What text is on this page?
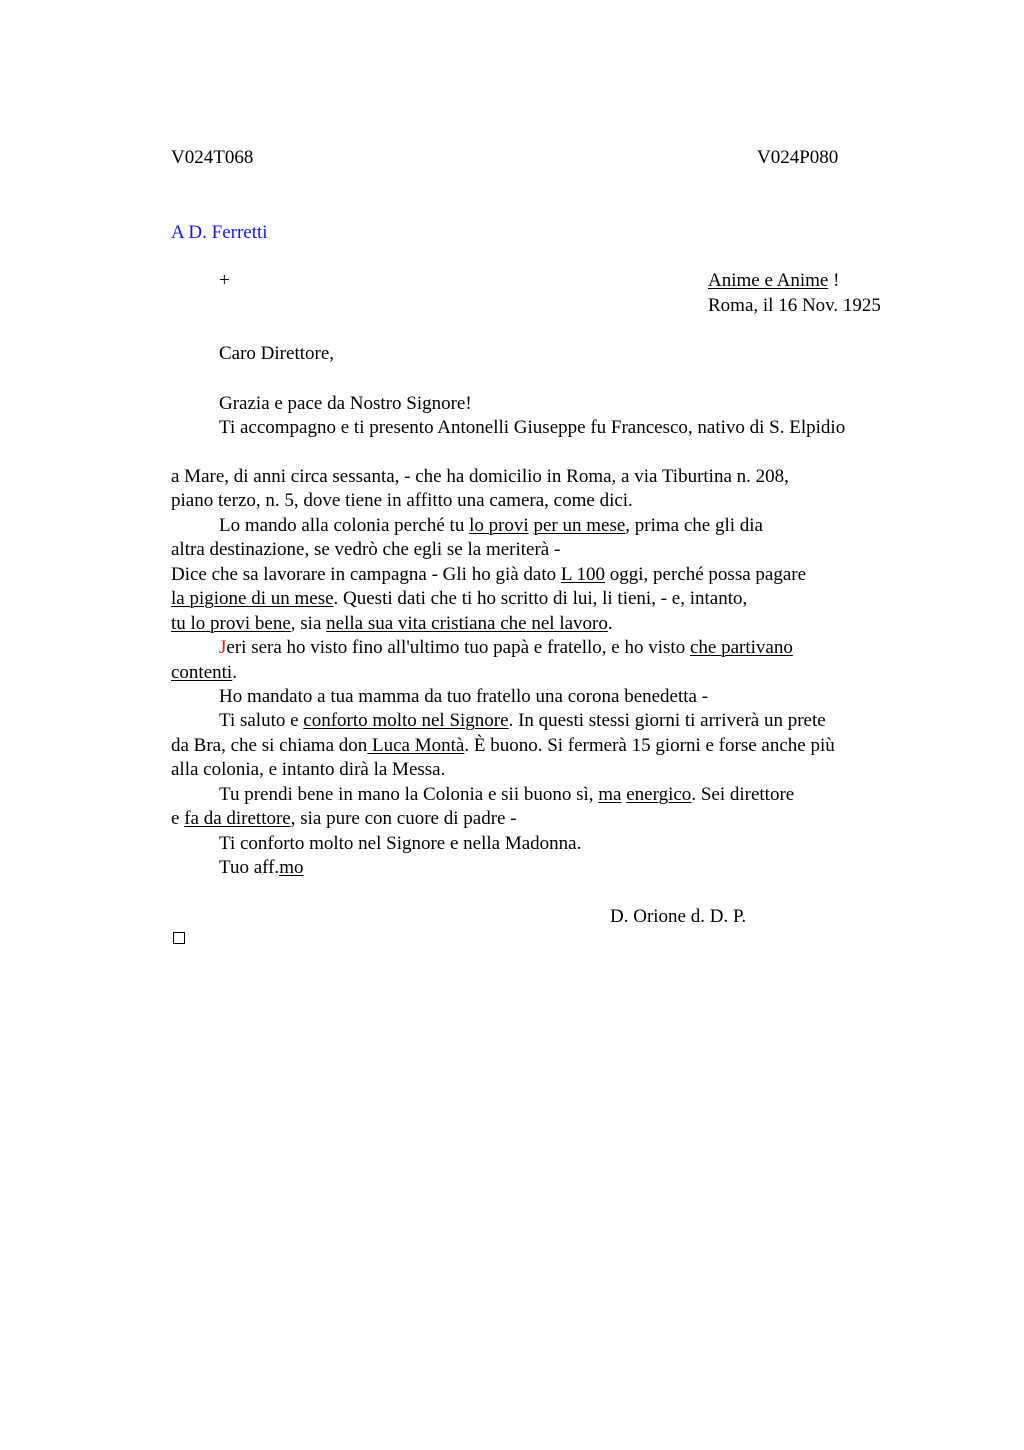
V024T068	V024P080
A D. Ferretti
+	Anime e Anime !
Roma, il 16 Nov. 1925
Caro Direttore,
Grazia e pace da Nostro Signore!
Ti accompagno e ti presento Antonelli Giuseppe fu Francesco, nativo di S. Elpidio
a Mare, di anni circa sessanta, - che ha domicilio in Roma, a via Tiburtina n. 208,
piano terzo, n. 5, dove tiene in affitto una camera, come dici.
Lo mando alla colonia perché tu lo provi per un mese, prima che gli dia
altra destinazione, se vedrò che egli se la meriterà -
Dice che sa lavorare in campagna - Gli ho già dato L 100 oggi, perché possa pagare
la pigione di un mese. Questi dati che ti ho scritto di lui, li tieni, - e, intanto,
tu lo provi bene, sia nella sua vita cristiana che nel lavoro.
Jeri sera ho visto fino all'ultimo tuo papà e fratello, e ho visto che partivano
contenti.
Ho mandato a tua mamma da tuo fratello una corona benedetta -
Ti saluto e conforto molto nel Signore. In questi stessi giorni ti arriverà un prete
da Bra, che si chiama don Luca Montà. È buono. Si fermerà 15 giorni e forse anche più
alla colonia, e intanto dirà la Messa.
Tu prendi bene in mano la Colonia e sii buono sì, ma energico. Sei direttore
e fa da direttore, sia pure con cuore di padre -
Ti conforto molto nel Signore e nella Madonna.
Tuo aff.mo
D. Orione d. D. P.
